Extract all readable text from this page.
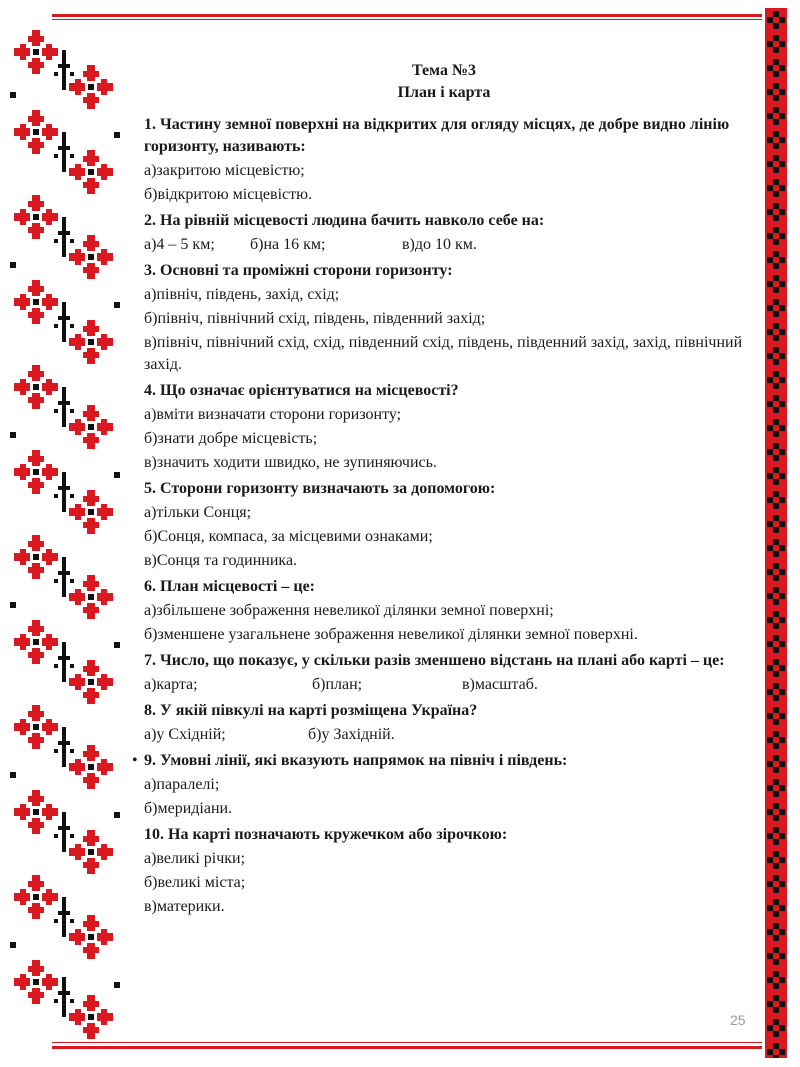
Тема №3
План і карта
1. Частину земної поверхні на відкритих для огляду місцях, де добре видно лінію горизонту, називають:
а)закритою місцевістю;
б)відкритою місцевістю.
2. На рівній місцевості людина бачить навколо себе на:
а)4 – 5 км;	б)на 16 км;	в)до 10 км.
3. Основні та проміжні сторони горизонту:
а)північ, південь, захід, схід;
б)північ, північний схід, південь, південний захід;
в)північ, північний схід, схід, південний схід, південь, південний захід, захід, північний захід.
4. Що означає орієнтуватися на місцевості?
а)вміти визначати сторони горизонту;
б)знати добре місцевість;
в)значить ходити швидко, не зупиняючись.
5. Сторони горизонту визначають за допомогою:
а)тільки Сонця;
б)Сонця, компаса, за місцевими ознаками;
в)Сонця та годинника.
6. План місцевості – це:
а)збільшене зображення невеликої ділянки земної поверхні;
б)зменшене узагальнене зображення невеликої ділянки земної поверхні.
7. Число, що показує, у скільки разів зменшено відстань на плані або карті – це:
а)карта;	б)план;	в)масштаб.
8. У якій півкулі на карті розміщена Україна?
а)у Східній;	б)у Західній.
• 9. Умовні лінії, які вказують напрямок на північ і південь:
а)паралелі;
б)меридіани.
10. На карті позначають кружечком або зірочкою:
а)великі річки;
б)великі міста;
в)материки.
25
